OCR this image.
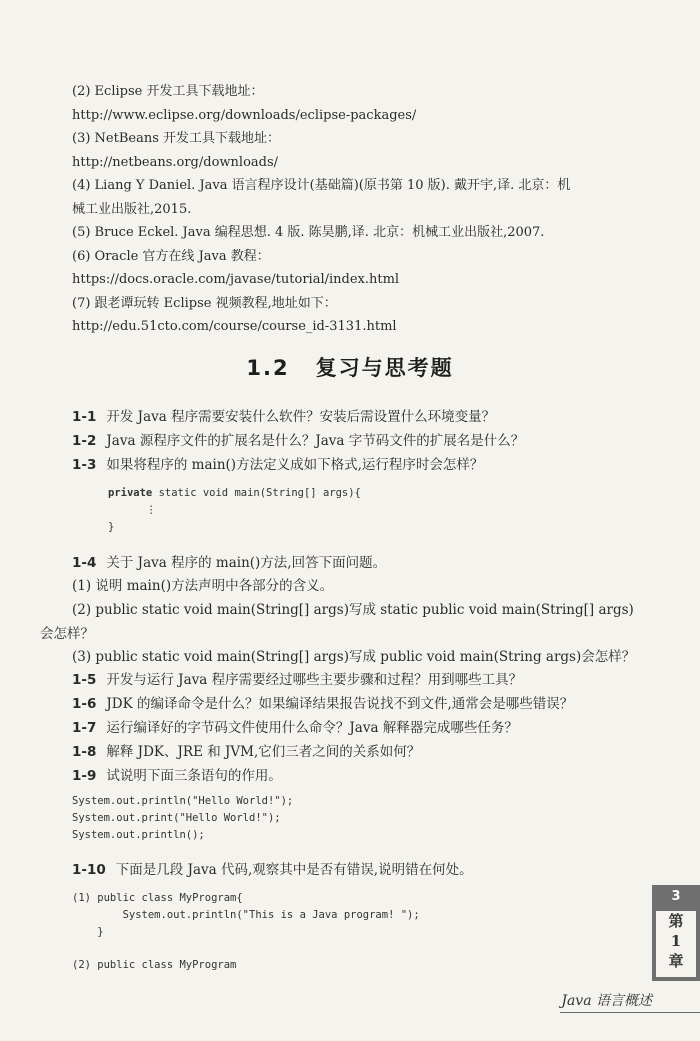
(2) Eclipse 开发工具下载地址：
http://www.eclipse.org/downloads/eclipse-packages/
(3) NetBeans 开发工具下载地址：
http://netbeans.org/downloads/
(4) Liang Y Daniel. Java 语言程序设计(基础篇)(原书第 10 版). 戴开宇,译. 北京：机
械工业出版社,2015.
(5) Bruce Eckel. Java 编程思想. 4 版. 陈昊鹏,译. 北京：机械工业出版社,2007.
(6) Oracle 官方在线 Java 教程：
https://docs.oracle.com/javase/tutorial/index.html
(7) 跟老谭玩转 Eclipse 视频教程,地址如下：
http://edu.51cto.com/course/course_id-3131.html
1.2 复习与思考题
1-1 开发 Java 程序需要安装什么软件？安装后需设置什么环境变量？
1-2 Java 源程序文件的扩展名是什么？Java 字节码文件的扩展名是什么？
1-3 如果将程序的 main()方法定义成如下格式,运行程序时会怎样？
private static void main(String[] args){
⋮
}
1-4 关于 Java 程序的 main()方法,回答下面问题。
(1) 说明 main()方法声明中各部分的含义。
(2) public static void main(String[] args)写成 static public void main(String[] args)
会怎样？
(3) public static void main(String[] args)写成 public void main(String args)会怎样？
1-5 开发与运行 Java 程序需要经过哪些主要步骤和过程？用到哪些工具？
1-6 JDK 的编译命令是什么？如果编译结果报告说找不到文件,通常会是哪些错误？
1-7 运行编译好的字节码文件使用什么命令？Java 解释器完成哪些任务？
1-8 解释 JDK、JRE 和 JVM,它们三者之间的关系如何？
1-9 试说明下面三条语句的作用。
System.out.println("Hello World!");
System.out.print("Hello World!");
System.out.println();
1-10 下面是几段 Java 代码,观察其中是否有错误,说明错在何处。
(1) public class MyProgram{
System.out.println("This is a Java program! ");
}
(2) public class MyProgram
3
第
1
章
Java 语言概述
